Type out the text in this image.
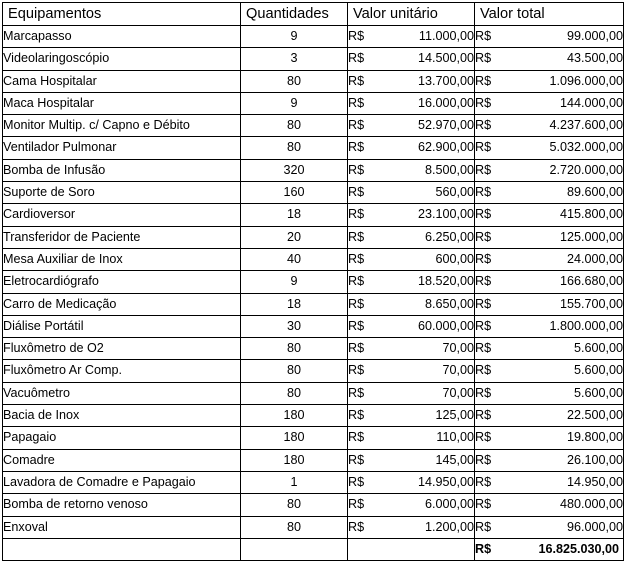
Equipamentos	Quantidades	Valor unitário	Valor total
Marcapasso	9	R$ 11.000,00	R$ 99.000,00

Videolaringoscópio	3	R$ 14.500,00	R$ 43.500,00

Cama Hospitalar	80	R$ 13.700,00	R$ 1.096.000,00

Maca Hospitalar	9	R$ 16.000,00	R$ 144.000,00

Monitor Multip. c/ Capno e Débito	80	R$ 52.970,00	R$ 4.237.600,00

Ventilador Pulmonar	80	R$ 62.900,00	R$ 5.032.000,00

Bomba de Infusão	320	R$ 8.500,00	R$ 2.720.000,00

Suporte de Soro	160	R$ 560,00	R$ 89.600,00

Cardioversor	18	R$ 23.100,00	R$ 415.800,00

Transferidor de Paciente	20	R$ 6.250,00	R$ 125.000,00

Mesa Auxiliar de Inox	40	R$ 600,00	R$ 24.000,00

Eletrocardiógrafo	9	R$ 18.520,00	R$ 166.680,00

Carro de Medicação	18	R$ 8.650,00	R$ 155.700,00

Diálise Portátil	30	R$ 60.000,00	R$ 1.800.000,00

Fluxômetro de O2	80	R$ 70,00	R$ 5.600,00

Fluxômetro Ar Comp.	80	R$ 70,00	R$ 5.600,00

Vacuômetro	80	R$ 70,00	R$ 5.600,00

Bacia de Inox	180	R$ 125,00	R$ 22.500,00

Papagaio	180	R$ 110,00	R$ 19.800,00

Comadre	180	R$ 145,00	R$ 26.100,00

Lavadora de Comadre e Papagaio	1	R$ 14.950,00	R$ 14.950,00

Bomba de retorno venoso	80	R$ 6.000,00	R$ 480.000,00

Enxoval	80	R$ 1.200,00	R$ 96.000,00

			R$ 16.825.030,00
